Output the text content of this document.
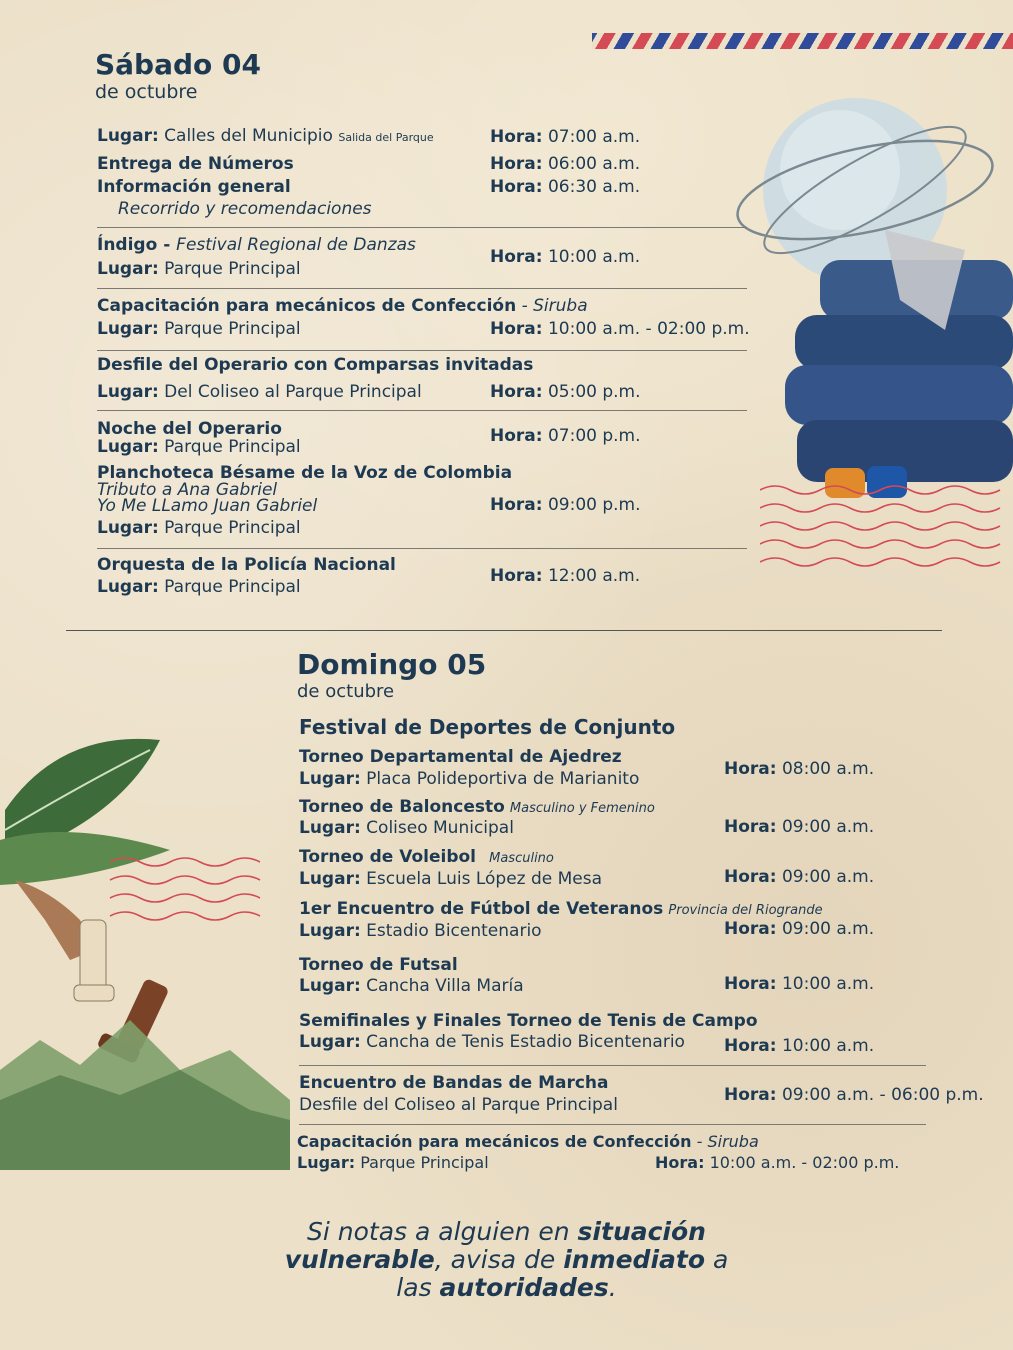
Sábado 04
de octubre
Lugar: Calles del Municipio Salida del Parque	Hora: 07:00 a.m.
Entrega de Números	Hora: 06:00 a.m.
Información general
Recorrido y recomendaciones
Hora: 06:30 a.m.
Índigo - Festival Regional de Danzas
Lugar: Parque Principal
Hora: 10:00 a.m.
Capacitación para mecánicos de Confección - Siruba
Lugar: Parque Principal	Hora: 10:00 a.m. - 02:00 p.m.
Desfile del Operario con Comparsas invitadas
Lugar: Del Coliseo al Parque Principal	Hora: 05:00 p.m.
Noche del Operario
Lugar: Parque Principal
Hora: 07:00 p.m.
Planchoteca Bésame de la Voz de Colombia
Tributo a Ana Gabriel
Yo Me LLamo Juan Gabriel
Lugar: Parque Principal
Hora: 09:00 p.m.
Orquesta de la Policía Nacional
Lugar: Parque Principal
Hora: 12:00 a.m.
Domingo 05
de octubre
Festival de Deportes de Conjunto
Torneo Departamental de Ajedrez
Lugar: Placa Polideportiva de Marianito	Hora: 08:00 a.m.
Torneo de Baloncesto Masculino y Femenino
Lugar: Coliseo Municipal	Hora: 09:00 a.m.
Torneo de Voleibol Masculino
Lugar: Escuela Luis López de Mesa	Hora: 09:00 a.m.
1er Encuentro de Fútbol de Veteranos Provincia del Riogrande
Lugar: Estadio Bicentenario	Hora: 09:00 a.m.
Torneo de Futsal
Lugar: Cancha Villa María	Hora: 10:00 a.m.
Semifinales y Finales Torneo de Tenis de Campo
Lugar: Cancha de Tenis Estadio Bicentenario Hora: 10:00 a.m.
Encuentro de Bandas de Marcha
Desfile del Coliseo al Parque Principal	Hora: 09:00 a.m. - 06:00 p.m.
Capacitación para mecánicos de Confección - Siruba
Lugar: Parque Principal	Hora: 10:00 a.m. - 02:00 p.m.
Si notas a alguien en situación
vulnerable, avisa de inmediato a
las autoridades.
